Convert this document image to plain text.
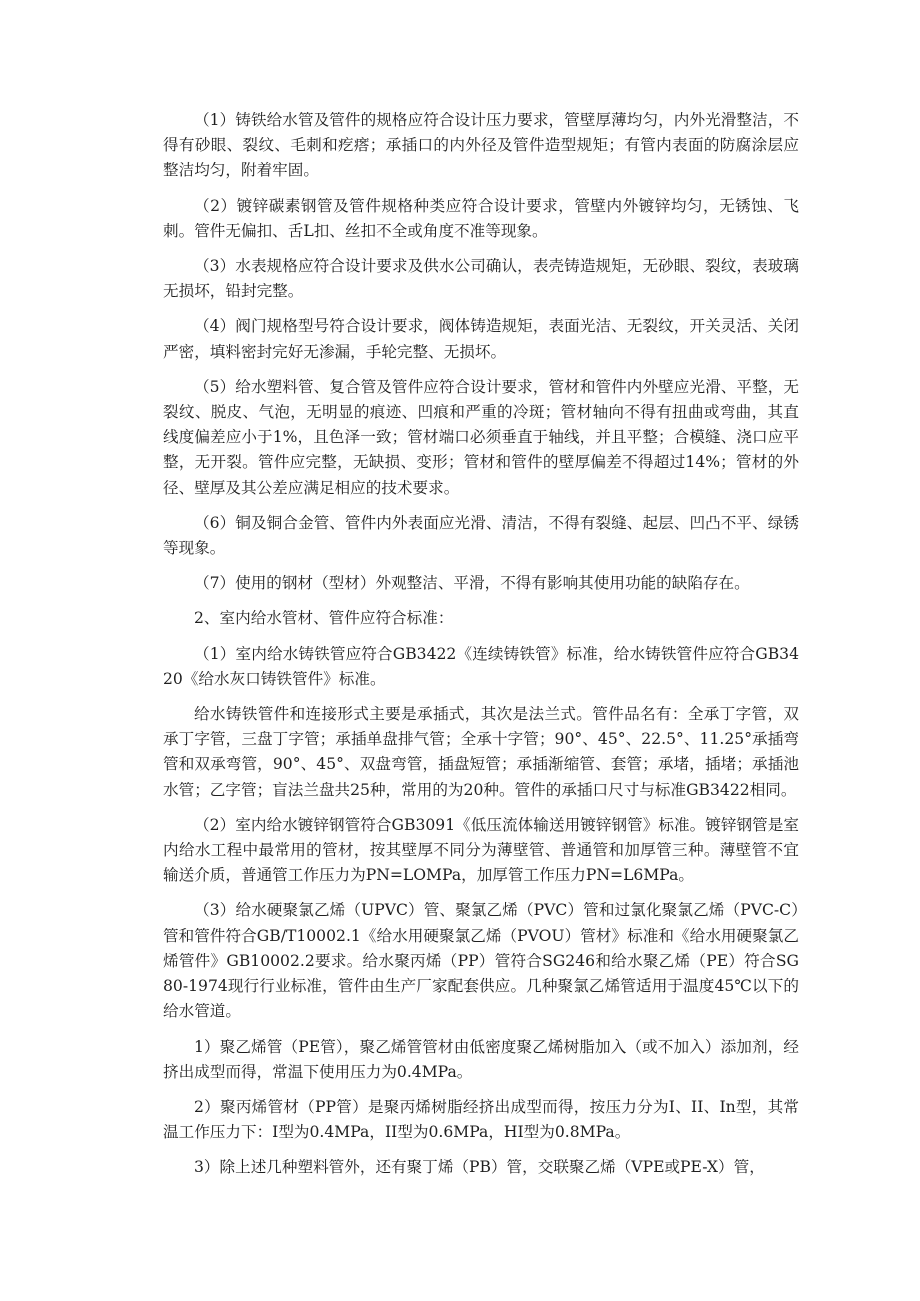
（1）铸铁给水管及管件的规格应符合设计压力要求，管壁厚薄均匀，内外光滑整洁，不得有砂眼、裂纹、毛刺和疙瘩；承插口的内外径及管件造型规矩；有管内表面的防腐涂层应整洁均匀，附着牢固。

（2）镀锌碳素钢管及管件规格种类应符合设计要求，管壁内外镀锌均匀，无锈蚀、飞刺。管件无偏扣、舌L扣、丝扣不全或角度不准等现象。

（3）水表规格应符合设计要求及供水公司确认，表壳铸造规矩，无砂眼、裂纹，表玻璃无损坏，铅封完整。

（4）阀门规格型号符合设计要求，阀体铸造规矩，表面光洁、无裂纹，开关灵活、关闭严密，填料密封完好无渗漏，手轮完整、无损坏。

（5）给水塑料管、复合管及管件应符合设计要求，管材和管件内外壁应光滑、平整，无裂纹、脱皮、气泡，无明显的痕迹、凹痕和严重的冷斑；管材轴向不得有扭曲或弯曲，其直线度偏差应小于1%，且色泽一致；管材端口必须垂直于轴线，并且平整；合模缝、浇口应平整，无开裂。管件应完整，无缺损、变形；管材和管件的壁厚偏差不得超过14%；管材的外径、壁厚及其公差应满足相应的技术要求。

（6）铜及铜合金管、管件内外表面应光滑、清洁，不得有裂缝、起层、凹凸不平、绿锈等现象。

（7）使用的钢材（型材）外观整洁、平滑，不得有影响其使用功能的缺陷存在。

2、室内给水管材、管件应符合标准：

（1）室内给水铸铁管应符合GB3422《连续铸铁管》标准，给水铸铁管件应符合GB3420《给水灰口铸铁管件》标准。

给水铸铁管件和连接形式主要是承插式，其次是法兰式。管件品名有：全承丁字管，双承丁字管，三盘丁字管；承插单盘排气管；全承十字管；90°、45°、22.5°、11.25°承插弯管和双承弯管，90°、45°、双盘弯管，插盘短管；承插渐缩管、套管；承堵，插堵；承插池水管；乙字管；盲法兰盘共25种，常用的为20种。管件的承插口尺寸与标准GB3422相同。

（2）室内给水镀锌钢管符合GB3091《低压流体输送用镀锌钢管》标准。镀锌钢管是室内给水工程中最常用的管材，按其壁厚不同分为薄壁管、普通管和加厚管三种。薄壁管不宜输送介质，普通管工作压力为PN=LOMPa，加厚管工作压力PN=L6MPa。

（3）给水硬聚氯乙烯（UPVC）管、聚氯乙烯（PVC）管和过氯化聚氯乙烯（PVC-C）管和管件符合GB/T10002.1《给水用硬聚氯乙烯（PVOU）管材》标准和《给水用硬聚氯乙烯管件》GB10002.2要求。给水聚丙烯（PP）管符合SG246和给水聚乙烯（PE）符合SG80-1974现行行业标准，管件由生产厂家配套供应。几种聚氯乙烯管适用于温度45℃以下的给水管道。

1）聚乙烯管（PE管），聚乙烯管管材由低密度聚乙烯树脂加入（或不加入）添加剂，经挤出成型而得，常温下使用压力为0.4MPa。

2）聚丙烯管材（PP管）是聚丙烯树脂经挤出成型而得，按压力分为I、II、In型，其常温工作压力下：I型为0.4MPa，II型为0.6MPa，HI型为0.8MPa。

3）除上述几种塑料管外，还有聚丁烯（PB）管，交联聚乙烯（VPE或PE-X）管，
